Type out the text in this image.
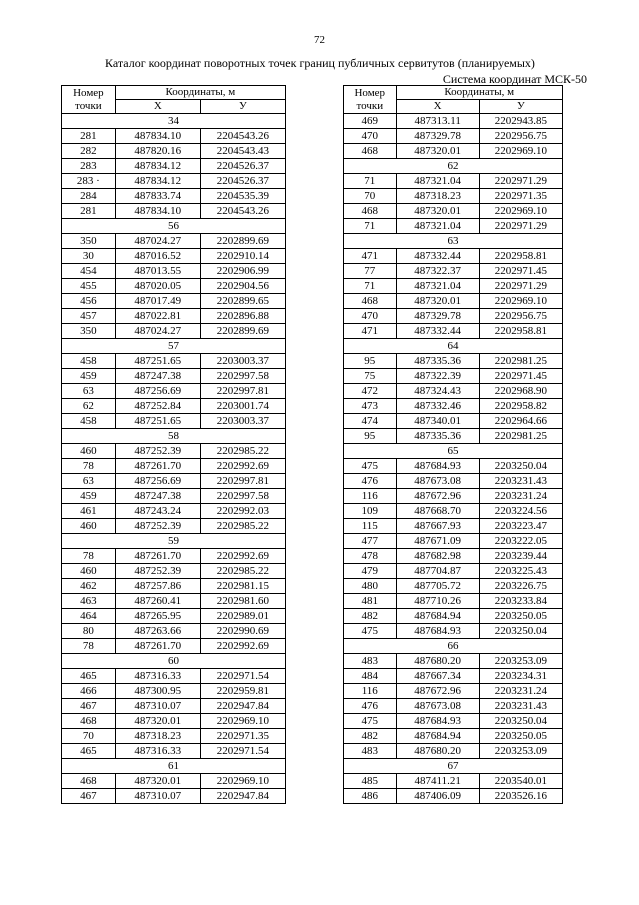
72
Каталог координат поворотных точек границ публичных сервитутов (планируемых)
Система координат МСК-50
Номер
точки	Координаты, м	
	X	У
34		
281	487834.10	2204543.26
282	487820.16	2204543.43
283	487834.12	2204526.37
283 ·	487834.12	2204526.37
284	487833.74	2204535.39
281	487834.10	2204543.26
56		
350	487024.27	2202899.69
30	487016.52	2202910.14
454	487013.55	2202906.99
455	487020.05	2202904.56
456	487017.49	2202899.65
457	487022.81	2202896.88
350	487024.27	2202899.69
57		
458	487251.65	2203003.37
459	487247.38	2202997.58
63	487256.69	2202997.81
62	487252.84	2203001.74
458	487251.65	2203003.37
58		
460	487252.39	2202985.22
78	487261.70	2202992.69
63	487256.69	2202997.81
459	487247.38	2202997.58
461	487243.24	2202992.03
460	487252.39	2202985.22
59		
78	487261.70	2202992.69
460	487252.39	2202985.22
462	487257.86	2202981.15
463	487260.41	2202981.60
464	487265.95	2202989.01
80	487263.66	2202990.69
78	487261.70	2202992.69
60		
465	487316.33	2202971.54
466	487300.95	2202959.81
467	487310.07	2202947.84
468	487320.01	2202969.10
70	487318.23	2202971.35
465	487316.33	2202971.54
61		
468	487320.01	2202969.10
467	487310.07	2202947.84
Номер
точки	Координаты, м	
	X	У
469	487313.11	2202943.85
470	487329.78	2202956.75
468	487320.01	2202969.10
62		
71	487321.04	2202971.29
70	487318.23	2202971.35
468	487320.01	2202969.10
71	487321.04	2202971.29
63		
471	487332.44	2202958.81
77	487322.37	2202971.45
71	487321.04	2202971.29
468	487320.01	2202969.10
470	487329.78	2202956.75
471	487332.44	2202958.81
64		
95	487335.36	2202981.25
75	487322.39	2202971.45
472	487324.43	2202968.90
473	487332.46	2202958.82
474	487340.01	2202964.66
95	487335.36	2202981.25
65		
475	487684.93	2203250.04
476	487673.08	2203231.43
116	487672.96	2203231.24
109	487668.70	2203224.56
115	487667.93	2203223.47
477	487671.09	2203222.05
478	487682.98	2203239.44
479	487704.87	2203225.43
480	487705.72	2203226.75
481	487710.26	2203233.84
482	487684.94	2203250.05
475	487684.93	2203250.04
66		
483	487680.20	2203253.09
484	487667.34	2203234.31
116	487672.96	2203231.24
476	487673.08	2203231.43
475	487684.93	2203250.04
482	487684.94	2203250.05
483	487680.20	2203253.09
67		
485	487411.21	2203540.01
486	487406.09	2203526.16
